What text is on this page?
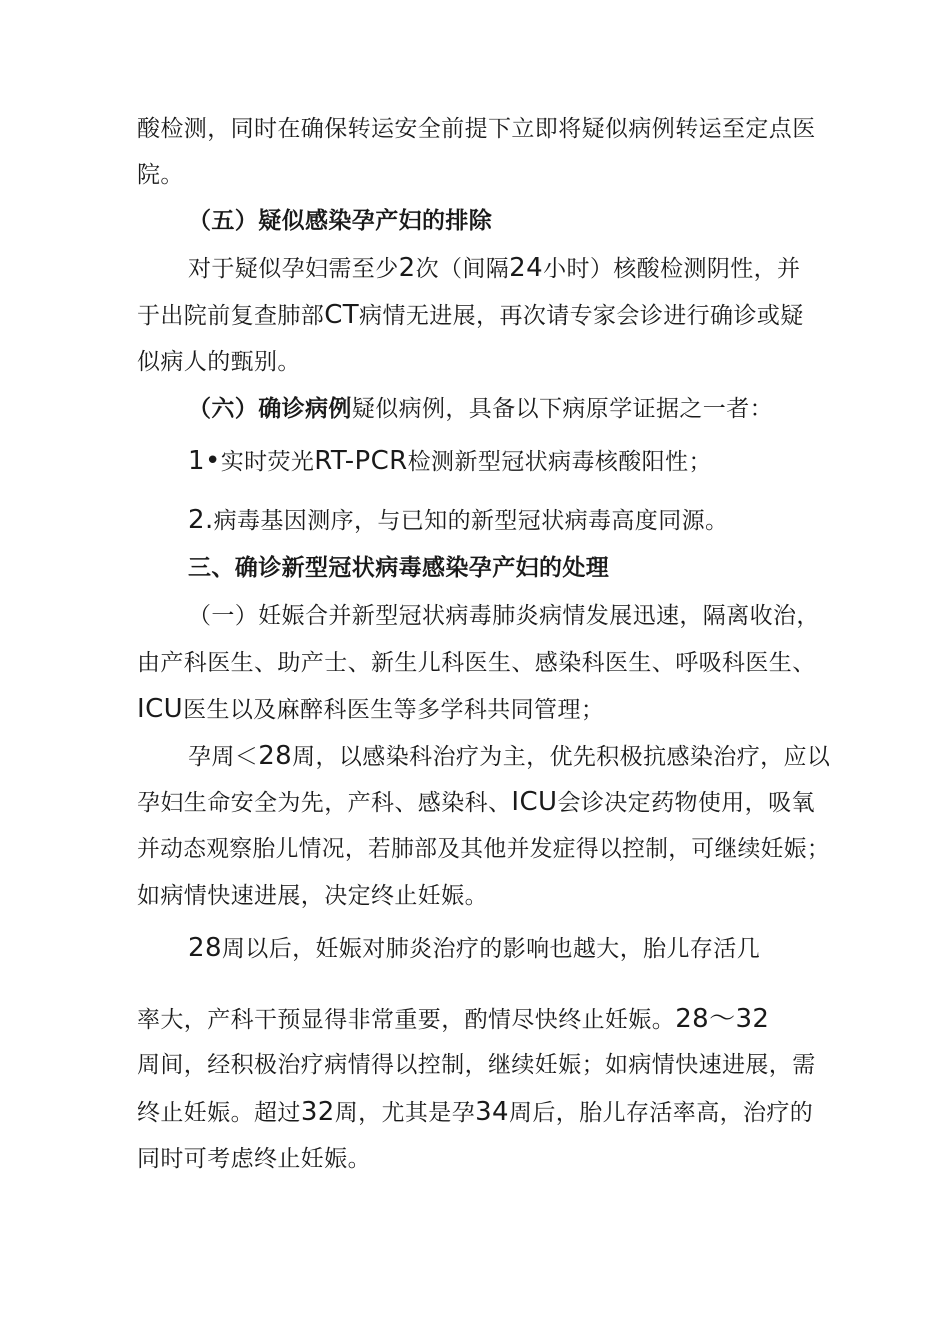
酸检测，同时在确保转运安全前提下立即将疑似病例转运至定点医
院。
（五）疑似感染孕产妇的排除
对于疑似孕妇需至少2次（间隔24小时）核酸检测阴性，并
于出院前复查肺部CT病情无进展，再次请专家会诊进行确诊或疑
似病人的甄别。
（六）确诊病例疑似病例，具备以下病原学证据之一者：
1•实时荧光RT-PCR检测新型冠状病毒核酸阳性；
2.病毒基因测序，与已知的新型冠状病毒高度同源。
三、确诊新型冠状病毒感染孕产妇的处理
（一）妊娠合并新型冠状病毒肺炎病情发展迅速，隔离收治，
由产科医生、助产士、新生儿科医生、感染科医生、呼吸科医生、
ICU医生以及麻醉科医生等多学科共同管理；
孕周＜28周，以感染科治疗为主，优先积极抗感染治疗，应以
孕妇生命安全为先，产科、感染科、ICU会诊决定药物使用，吸氧
并动态观察胎儿情况，若肺部及其他并发症得以控制，可继续妊娠；
如病情快速进展，决定终止妊娠。
28周以后，妊娠对肺炎治疗的影响也越大，胎儿存活几
率大，产科干预显得非常重要，酌情尽快终止妊娠。28〜32
周间，经积极治疗病情得以控制，继续妊娠；如病情快速进展，需
终止妊娠。超过32周，尤其是孕34周后，胎儿存活率高，治疗的
同时可考虑终止妊娠。
